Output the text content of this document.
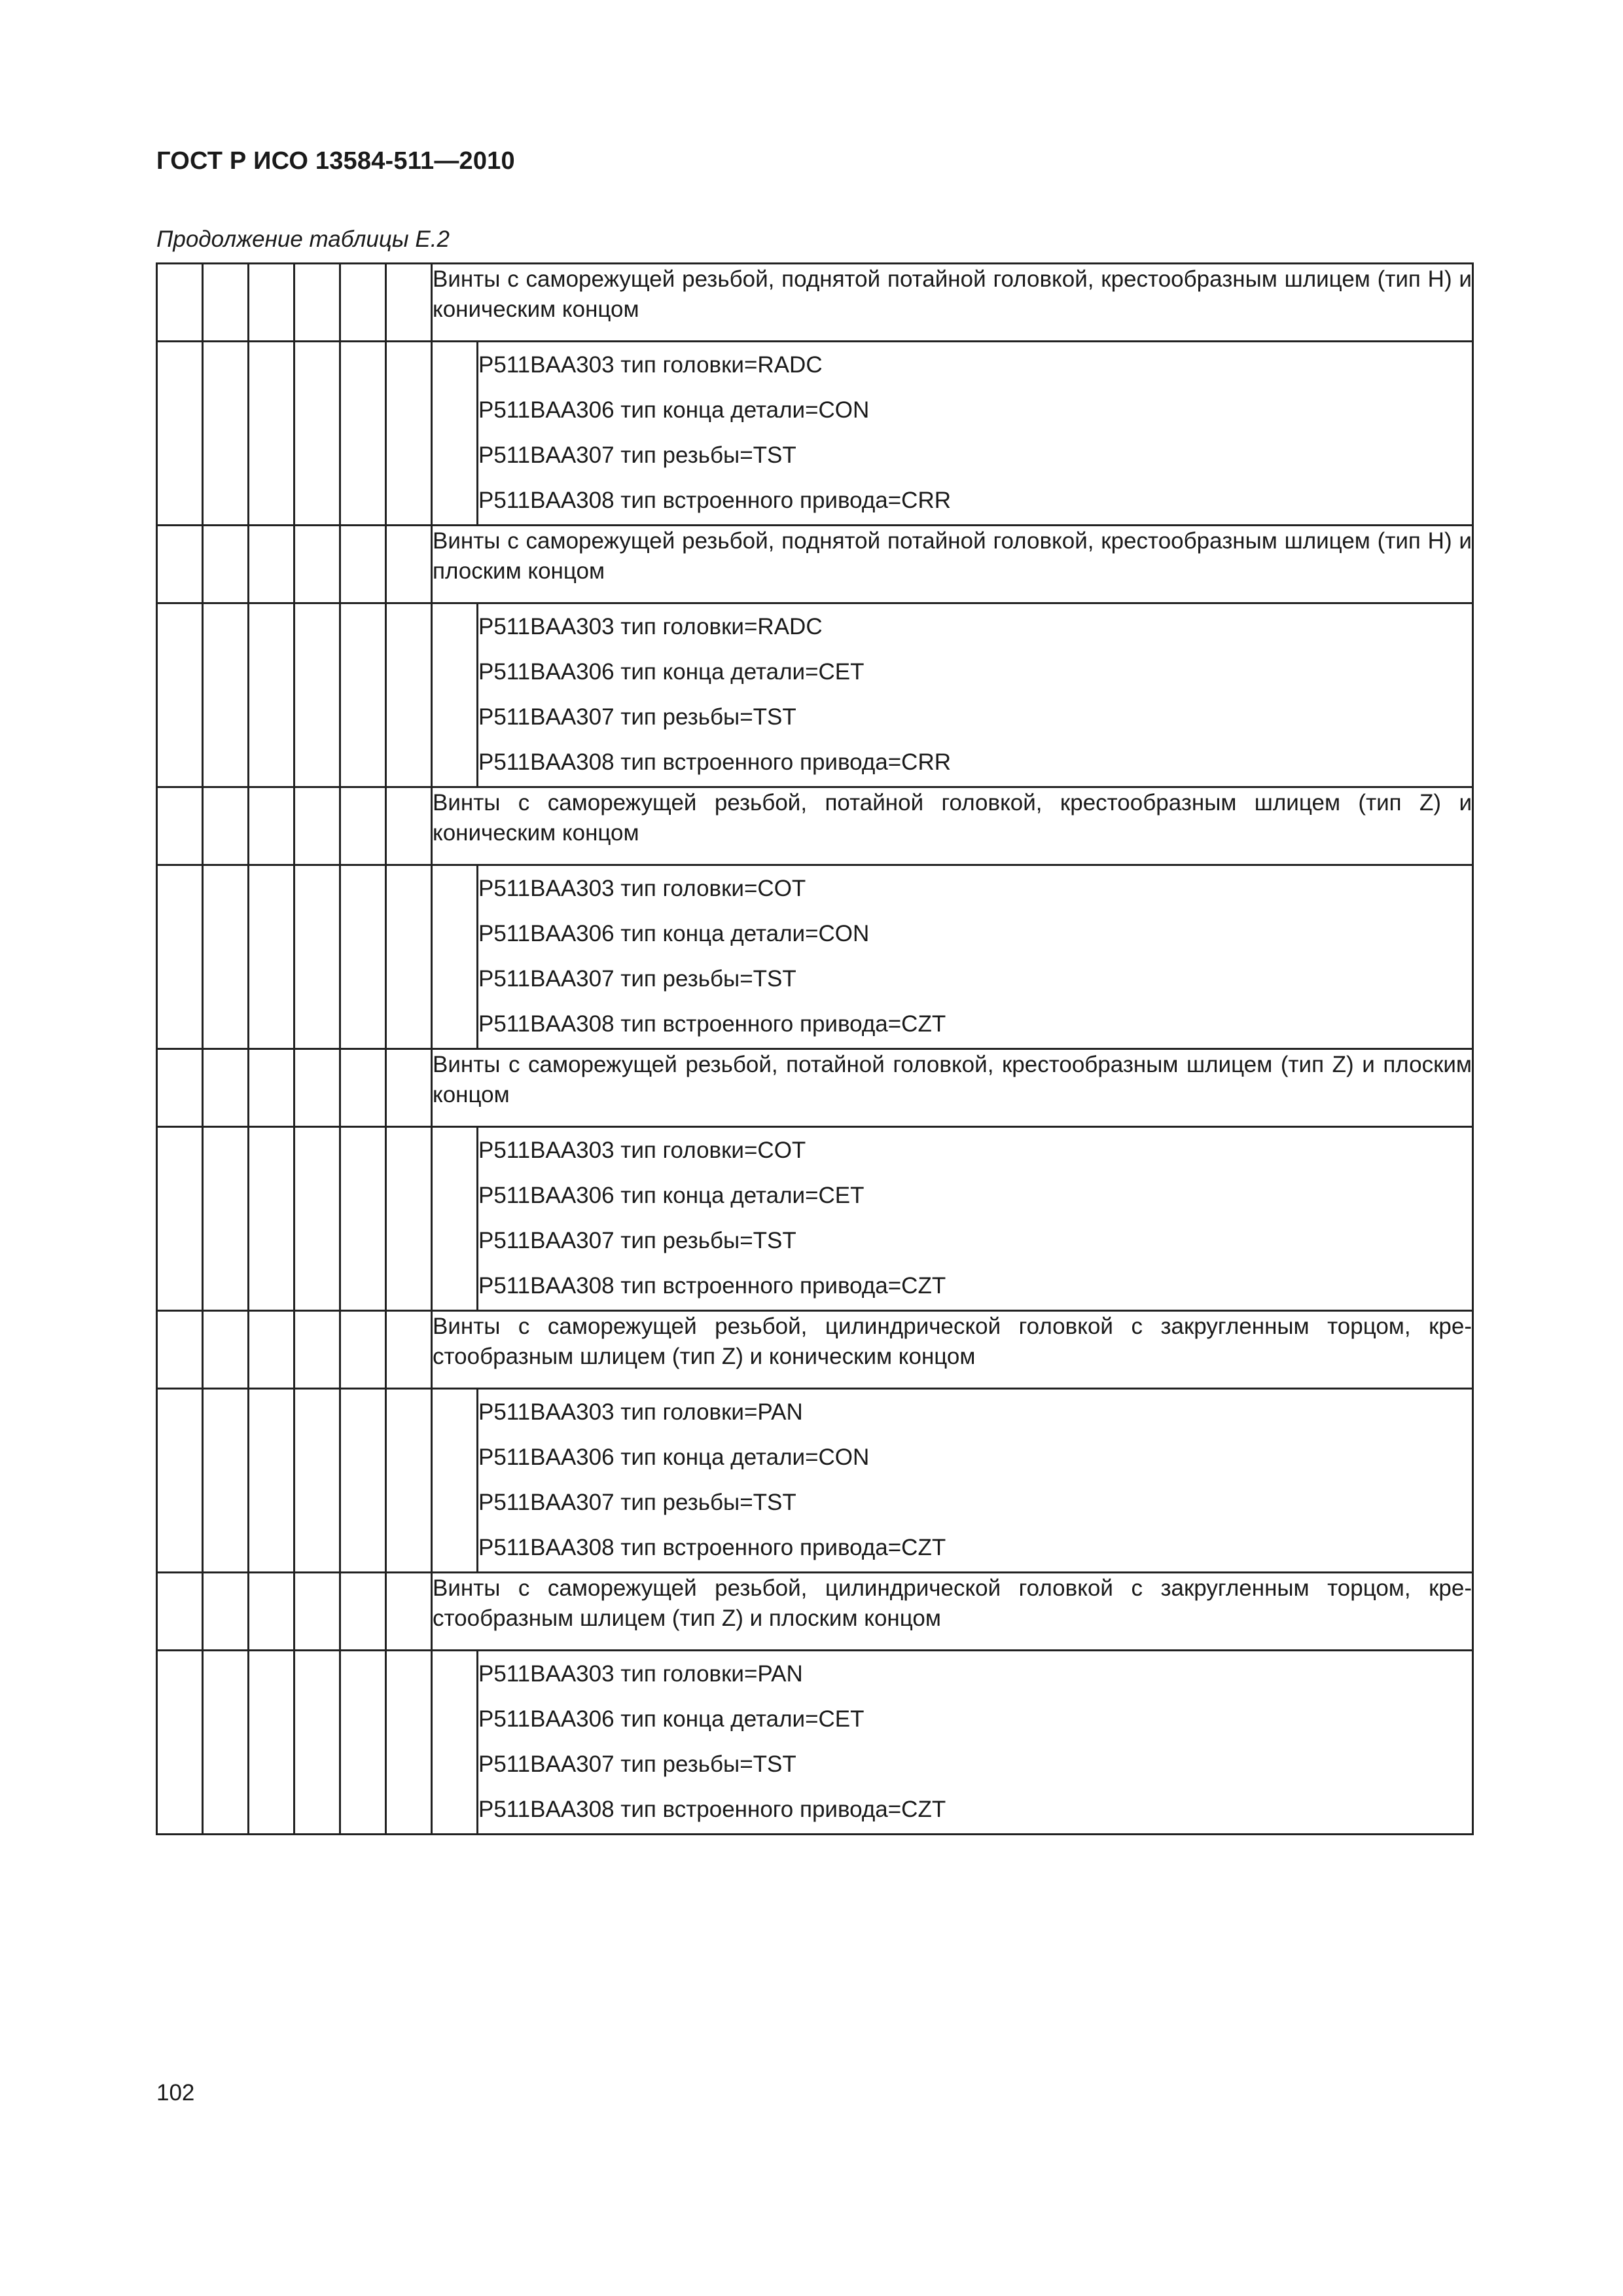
ГОСТ Р ИСО 13584-511—2010
Продолжение таблицы E.2
						Винты с саморежущей резьбой, поднятой потайной головкой, крестообразным шлицем (тип H) и коническим концом	

							P511BAA303 тип головки=RADC
P511BAA306 тип конца детали=CON
P511BAA307 тип резьбы=TST
P511BAA308 тип встроенного привода=CRR

						Винты с саморежущей резьбой, поднятой потайной головкой, крестообразным шлицем (тип H) и плоским концом	

							P511BAA303 тип головки=RADC
P511BAA306 тип конца детали=CET
P511BAA307 тип резьбы=TST
P511BAA308 тип встроенного привода=CRR

						Винты с саморежущей резьбой, потайной головкой, крестообразным шлицем (тип Z) и коническим концом	

							P511BAA303 тип головки=COT
P511BAA306 тип конца детали=CON
P511BAA307 тип резьбы=TST
P511BAA308 тип встроенного привода=CZT

						Винты с саморежущей резьбой, потайной головкой, крестообразным шлицем (тип Z) и плоским концом	

							P511BAA303 тип головки=COT
P511BAA306 тип конца детали=CET
P511BAA307 тип резьбы=TST
P511BAA308 тип встроенного привода=CZT

						Винты с саморежущей резьбой, цилиндрической головкой с закругленным торцом, кре-стообразным шлицем (тип Z) и коническим концом	

							P511BAA303 тип головки=PAN
P511BAA306 тип конца детали=CON
P511BAA307 тип резьбы=TST
P511BAA308 тип встроенного привода=CZT

						Винты с саморежущей резьбой, цилиндрической головкой с закругленным торцом, кре-стообразным шлицем (тип Z) и плоским концом	

							P511BAA303 тип головки=PAN
P511BAA306 тип конца детали=CET
P511BAA307 тип резьбы=TST
P511BAA308 тип встроенного привода=CZT
102
